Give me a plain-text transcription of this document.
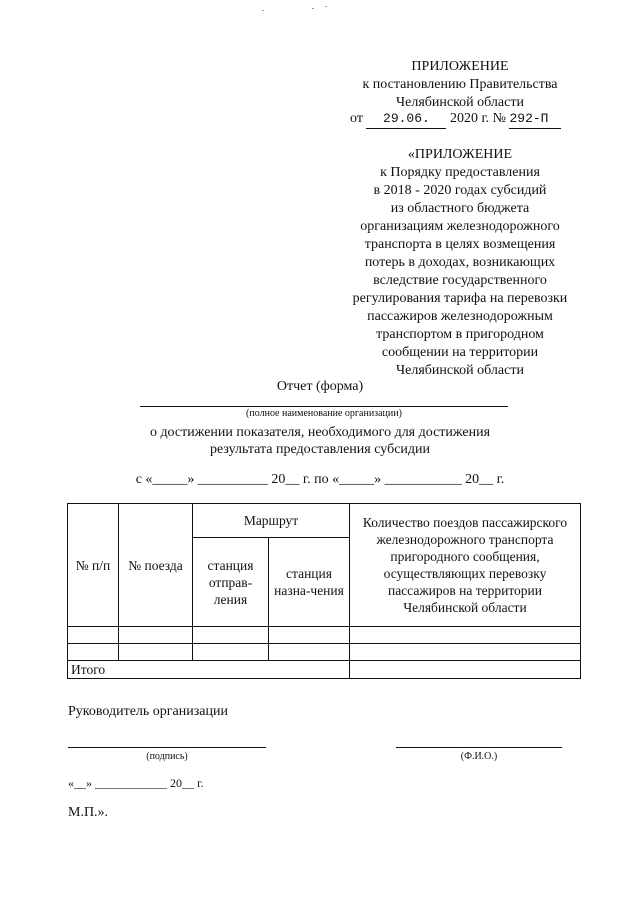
ПРИЛОЖЕНИЕ
к постановлению Правительства
Челябинской области
от 29.06. 2020 г. № 292-П
«ПРИЛОЖЕНИЕ
к Порядку предоставления
в 2018 - 2020 годах субсидий
из областного бюджета
организациям железнодорожного
транспорта в целях возмещения
потерь в доходах, возникающих
вследствие государственного
регулирования тарифа на перевозки
пассажиров железнодорожным
транспортом в пригородном
сообщении на территории
Челябинской области
Отчет (форма)
(полное наименование организации)
о достижении показателя, необходимого для достижения
результата предоставления субсидии
с «_____» __________ 20__ г. по «_____» ___________ 20__ г.
№ п/п	№ поезда	Маршрут		Количество поездов пассажирского железнодорожного транспорта пригородного сообщения, осуществляющих перевозку пассажиров на территории Челябинской области
		станция отправ-ления	станция назна-чения	

Итого				
Руководитель организации
(подпись)	(Ф.И.О.)
«__» ____________ 20__ г.
М.П.».
